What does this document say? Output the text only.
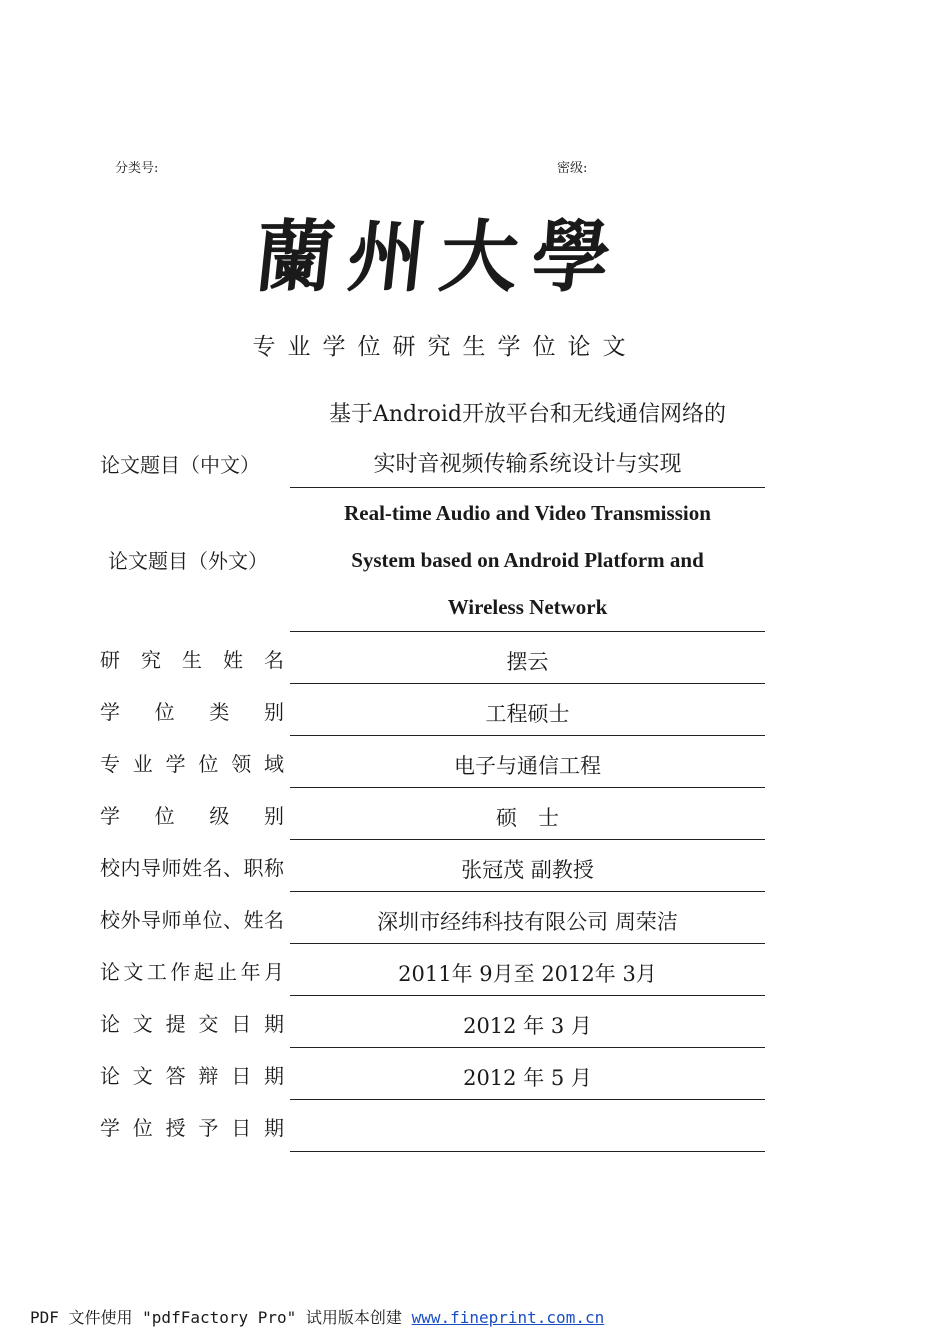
分类号:	密级:
蘭州大學
专业学位研究生学位论文
论文题目（中文）
基于Android开放平台和无线通信网络的
实时音视频传输系统设计与实现
论文题目（外文）
Real-time Audio and Video Transmission
System based on Android Platform and
Wireless Network
研究生姓名	摆云
学位类别	工程硕士
专业学位领域	电子与通信工程
学位级别	硕　士
校内导师姓名、职称	张冠茂 副教授
校外导师单位、姓名	深圳市经纬科技有限公司 周荣洁
论文工作起止年月	2011年 9月至 2012年 3月
论文提交日期	2012 年 3 月
论文答辩日期	2012 年 5 月
学位授予日期
PDF 文件使用 "pdfFactory Pro" 试用版本创建 www.fineprint.com.cn
